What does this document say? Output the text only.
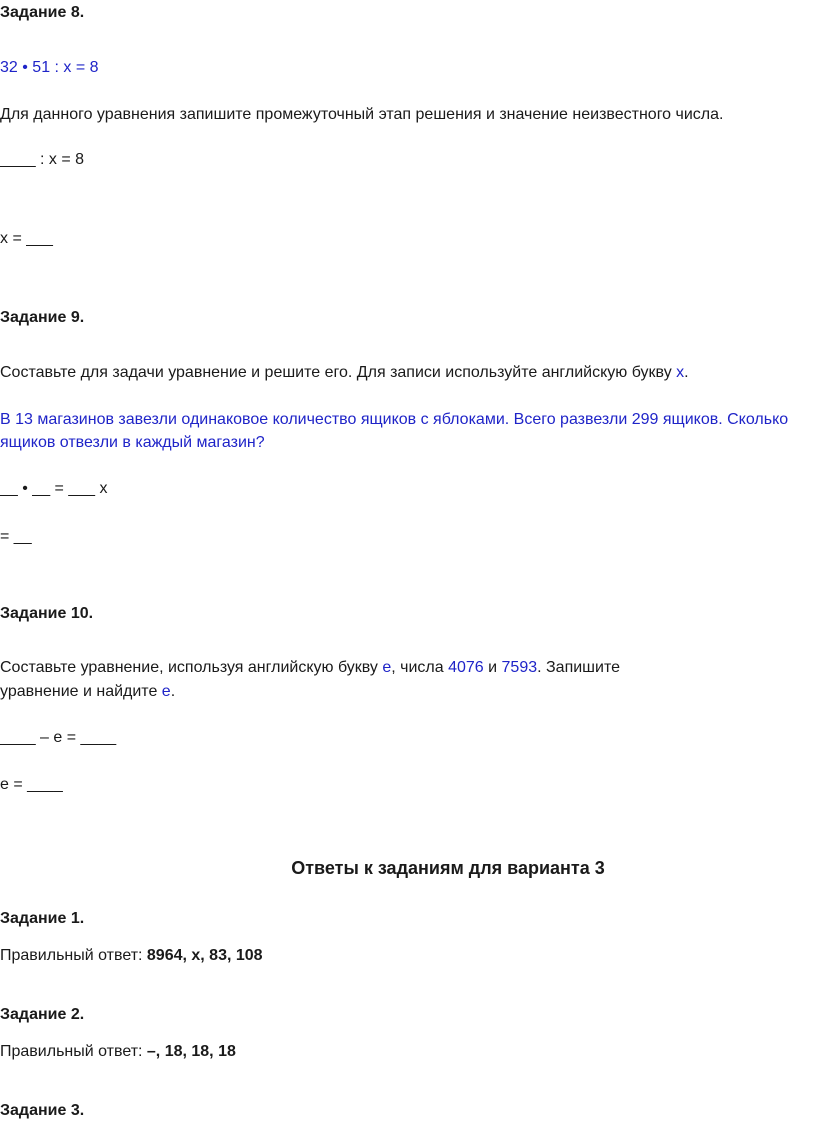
Задание 8.
32 • 51 : x = 8
Для данного уравнения запишите промежуточный этап решения и значение неизвестного числа.
____ : x = 8
x = ___
Задание 9.
Составьте для задачи уравнение и решите его. Для записи используйте английскую букву x.
В 13 магазинов завезли одинаковое количество ящиков с яблоками. Всего развезли 299 ящиков. Сколько ящиков отвезли в каждый магазин?
__ • __ = ___ x
= __
Задание 10.
Составьте уравнение, используя английскую букву е, числа 4076 и 7593. Запишите
уравнение и найдите е.
____ – е = ____
е = ____
Ответы к заданиям для варианта 3
Задание 1.
Правильный ответ: 8964, x, 83, 108
Задание 2.
Правильный ответ: –, 18, 18, 18
Задание 3.
